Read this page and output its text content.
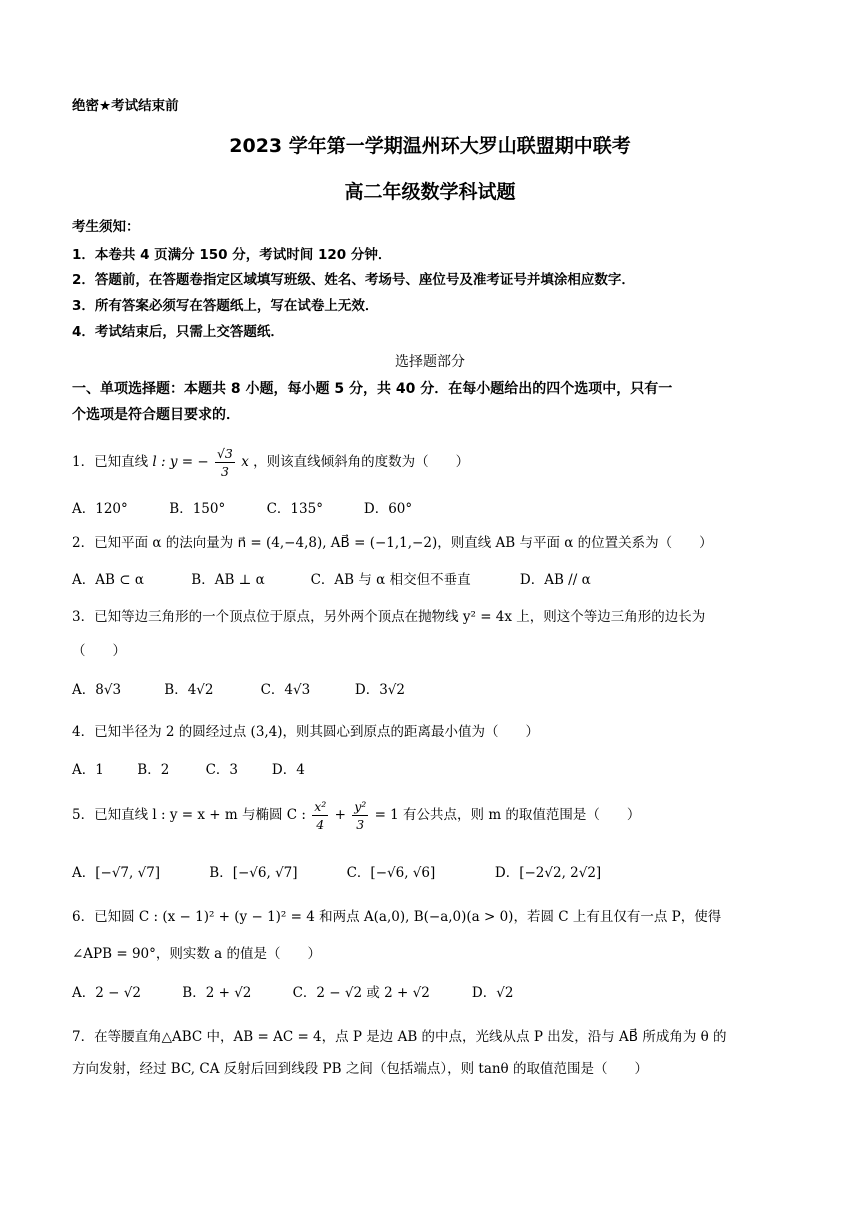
绝密★考试结束前
2023 学年第一学期温州环大罗山联盟期中联考
高二年级数学科试题
考生须知：
1．本卷共 4 页满分 150 分，考试时间 120 分钟．
2．答题前，在答题卷指定区域填写班级、姓名、考场号、座位号及准考证号并填涂相应数字．
3．所有答案必须写在答题纸上，写在试卷上无效．
4．考试结束后，只需上交答题纸．
选择题部分
一、单项选择题：本题共 8 小题，每小题 5 分，共 40 分．在每小题给出的四个选项中，只有一
个选项是符合题目要求的．
1．已知直线 l : y = − $\frac{√3}{3}$ x ，则该直线倾斜角的度数为（　　）
A．120°	B．150°	C．135°	D．60°
2．已知平面 α 的法向量为 n⃗ = (4,−4,8), AB⃗ = (−1,1,−2)，则直线 AB 与平面 α 的位置关系为（　　）
A．AB ⊂ α	B．AB ⊥ α	C．AB 与 α 相交但不垂直	D．AB // α
3．已知等边三角形的一个顶点位于原点，另外两个顶点在抛物线 y² = 4x 上，则这个等边三角形的边长为
（　　）
A．8√3	B．4√2	C．4√3	D．3√2
4．已知半径为 2 的圆经过点 (3,4)，则其圆心到原点的距离最小值为（　　）
A．1 B．2	C．3	D．4
5．已知直线 l : y = x + m 与椭圆 C : $\frac{\text{x²}}{4} + \frac{\text{y²}}{3} = 1$ 有公共点，则 m 的取值范围是（　　）
A．[−√7, √7]	B．[−√6, √7]	C．[−√6, √6]	D．[−2√2, 2√2]
6．已知圆 C : (x − 1)² + (y − 1)² = 4 和两点 A(a,0), B(−a,0)(a > 0)，若圆 C 上有且仅有一点 P，使得
∠APB = 90°，则实数 a 的值是（　　）
A．2 − √2	B．2 + √2	C．2 − √2 或 2 + √2	D．√2
7．在等腰直角△ABC 中，AB = AC = 4，点 P 是边 AB 的中点，光线从点 P 出发，沿与 AB⃗ 所成角为 θ 的
方向发射，经过 BC, CA 反射后回到线段 PB 之间（包括端点），则 tanθ 的取值范围是（　　）
